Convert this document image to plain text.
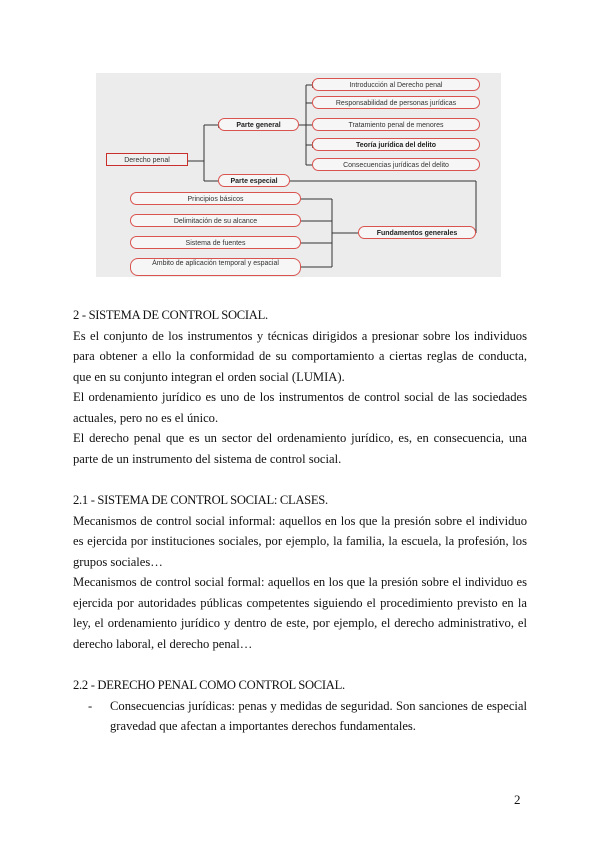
Derecho penal
Parte general
Parte especial
Introducción al Derecho penal
Responsabilidad de personas jurídicas
Tratamiento penal de menores
Teoría jurídica del delito
Consecuencias jurídicas del delito
Fundamentos generales
Principios básicos
Delimitación de su alcance
Sistema de fuentes
Ámbito de aplicación temporal y espacial
2 - SISTEMA DE CONTROL SOCIAL.

Es el conjunto de los instrumentos y técnicas dirigidos a presionar sobre los individuos para obtener a ello la conformidad de su comportamiento a ciertas reglas de conducta, que en su conjunto integran el orden social (LUMIA).

El ordenamiento jurídico es uno de los instrumentos de control social de las sociedades actuales, pero no es el único.

El derecho penal que es un sector del ordenamiento jurídico, es, en consecuencia, una parte de un instrumento del sistema de control social.

2.1 - SISTEMA DE CONTROL SOCIAL: CLASES.

Mecanismos de control social informal: aquellos en los que la presión sobre el individuo es ejercida por instituciones sociales, por ejemplo, la familia, la escuela, la profesión, los grupos sociales…

Mecanismos de control social formal: aquellos en los que la presión sobre el individuo es ejercida por autoridades públicas competentes siguiendo el procedimiento previsto en la ley, el ordenamiento jurídico y dentro de este, por ejemplo, el derecho administrativo, el derecho laboral, el derecho penal…

2.2 - DERECHO PENAL COMO CONTROL SOCIAL.
-	Consecuencias jurídicas: penas y medidas de seguridad. Son sanciones de especial gravedad que afectan a importantes derechos fundamentales.
2
